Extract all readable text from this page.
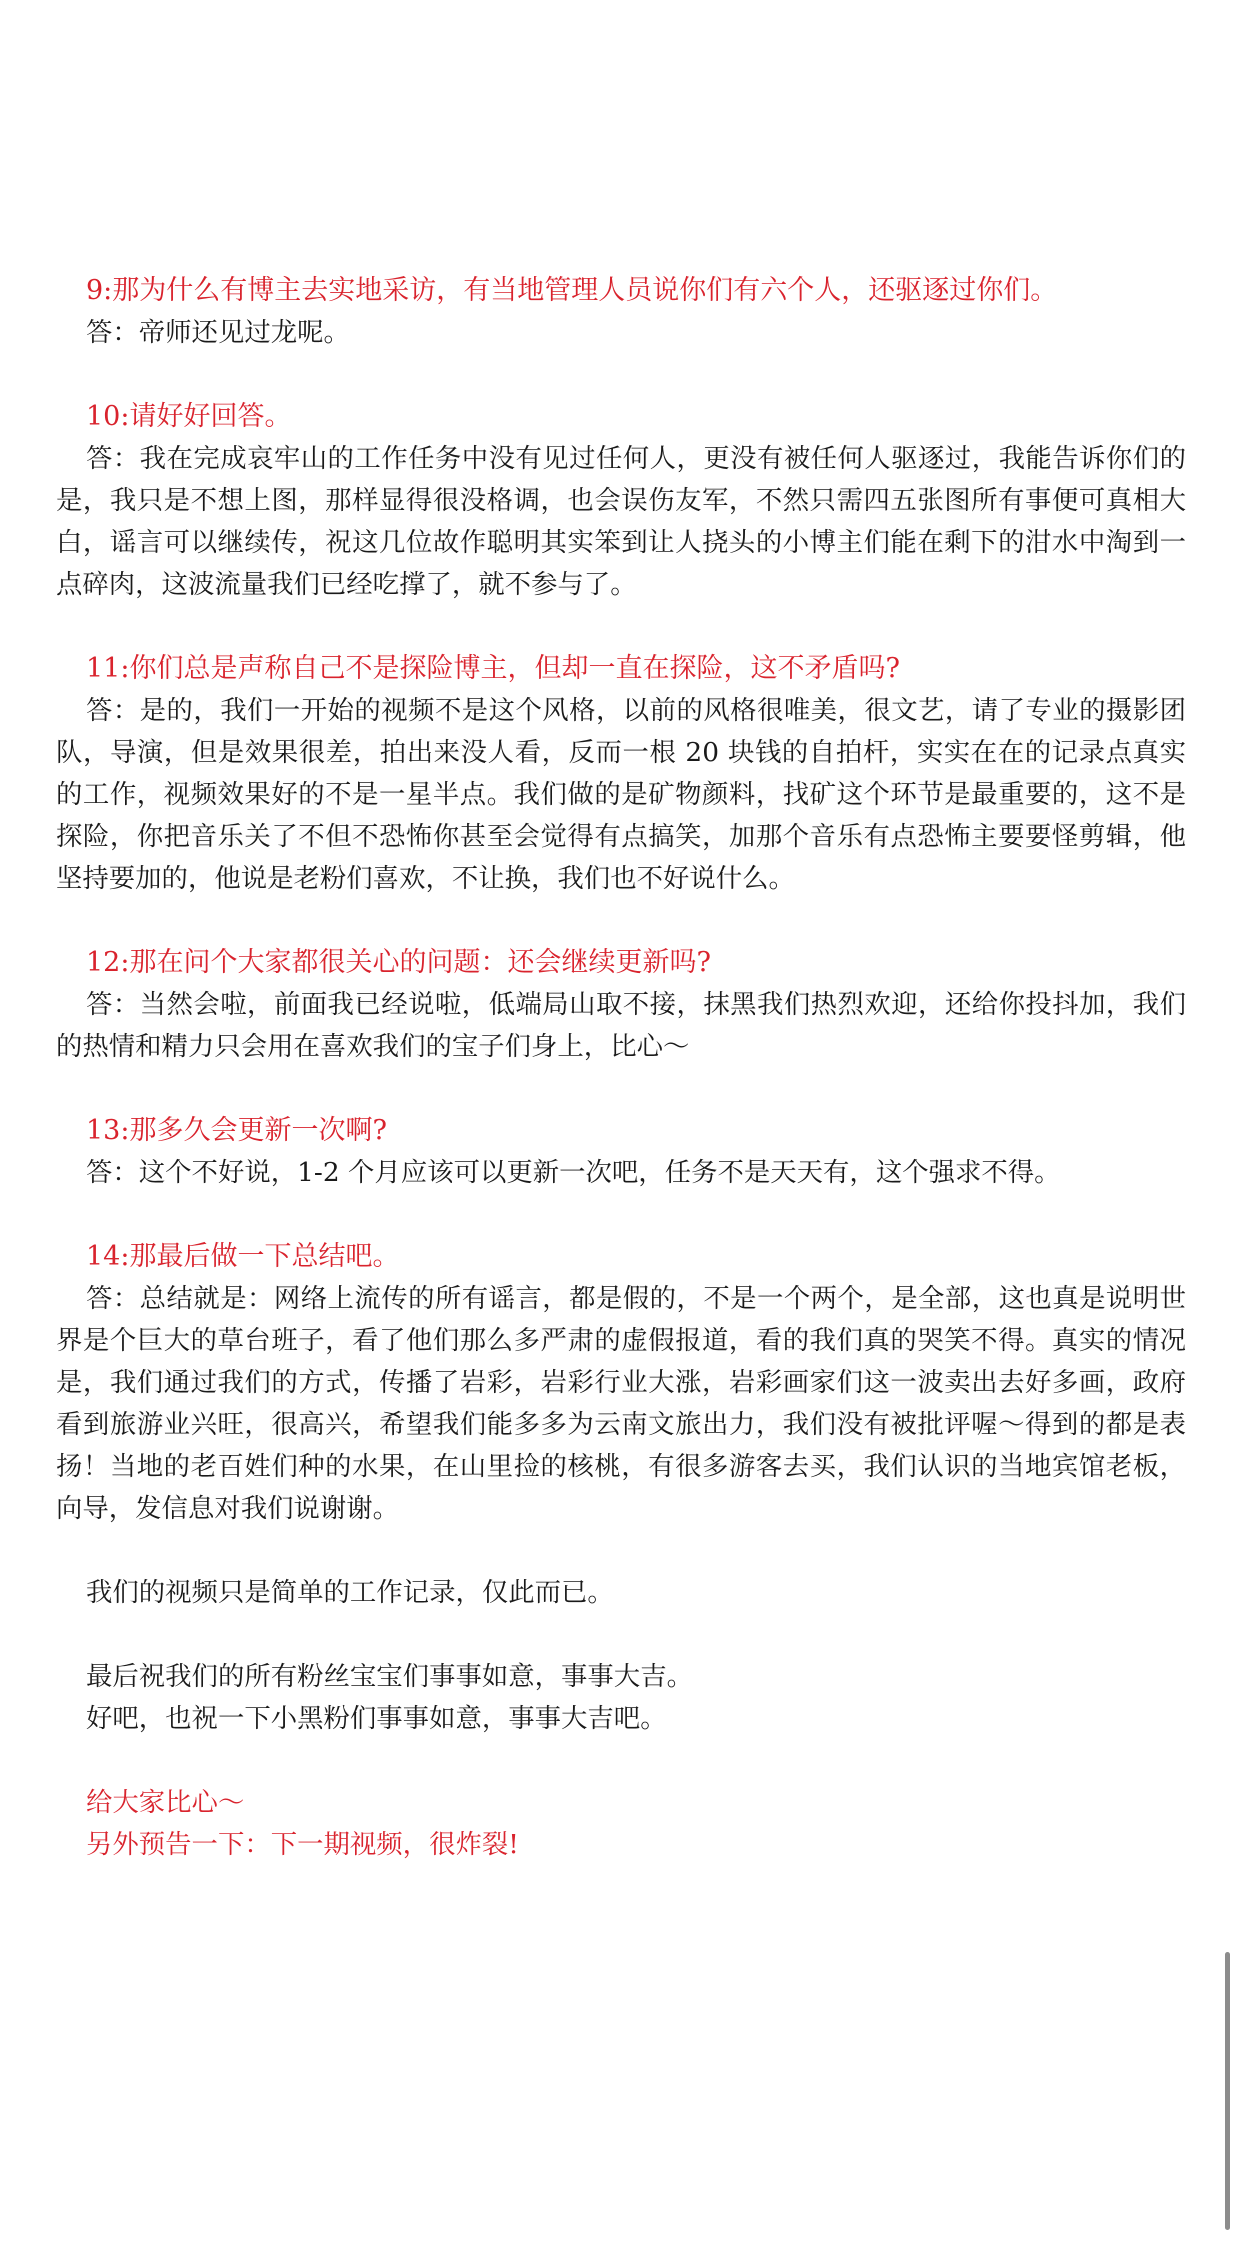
9:那为什么有博主去实地采访，有当地管理人员说你们有六个人，还驱逐过你们。
答：帝师还见过龙呢。
10:请好好回答。
答：我在完成哀牢山的工作任务中没有见过任何人，更没有被任何人驱逐过，我能告诉你们的是，我只是不想上图，那样显得很没格调，也会误伤友军，不然只需四五张图所有事便可真相大白，谣言可以继续传，祝这几位故作聪明其实笨到让人挠头的小博主们能在剩下的泔水中淘到一点碎肉，这波流量我们已经吃撑了，就不参与了。
11:你们总是声称自己不是探险博主，但却一直在探险，这不矛盾吗?
答：是的，我们一开始的视频不是这个风格，以前的风格很唯美，很文艺，请了专业的摄影团队，导演，但是效果很差，拍出来没人看，反而一根 20 块钱的自拍杆，实实在在的记录点真实的工作，视频效果好的不是一星半点。我们做的是矿物颜料，找矿这个环节是最重要的，这不是探险，你把音乐关了不但不恐怖你甚至会觉得有点搞笑，加那个音乐有点恐怖主要要怪剪辑，他坚持要加的，他说是老粉们喜欢，不让换，我们也不好说什么。
12:那在问个大家都很关心的问题：还会继续更新吗?
答：当然会啦，前面我已经说啦，低端局山取不接，抹黑我们热烈欢迎，还给你投抖加，我们的热情和精力只会用在喜欢我们的宝子们身上，比心～
13:那多久会更新一次啊?
答：这个不好说，1-2 个月应该可以更新一次吧，任务不是天天有，这个强求不得。
14:那最后做一下总结吧。
答：总结就是：网络上流传的所有谣言，都是假的，不是一个两个，是全部，这也真是说明世界是个巨大的草台班子，看了他们那么多严肃的虚假报道，看的我们真的哭笑不得。真实的情况是，我们通过我们的方式，传播了岩彩，岩彩行业大涨，岩彩画家们这一波卖出去好多画，政府看到旅游业兴旺，很高兴，希望我们能多多为云南文旅出力，我们没有被批评喔～得到的都是表扬！当地的老百姓们种的水果，在山里捡的核桃，有很多游客去买，我们认识的当地宾馆老板，向导，发信息对我们说谢谢。
我们的视频只是简单的工作记录，仅此而已。
最后祝我们的所有粉丝宝宝们事事如意，事事大吉。
好吧，也祝一下小黑粉们事事如意，事事大吉吧。
给大家比心～
另外预告一下：下一期视频，很炸裂!
